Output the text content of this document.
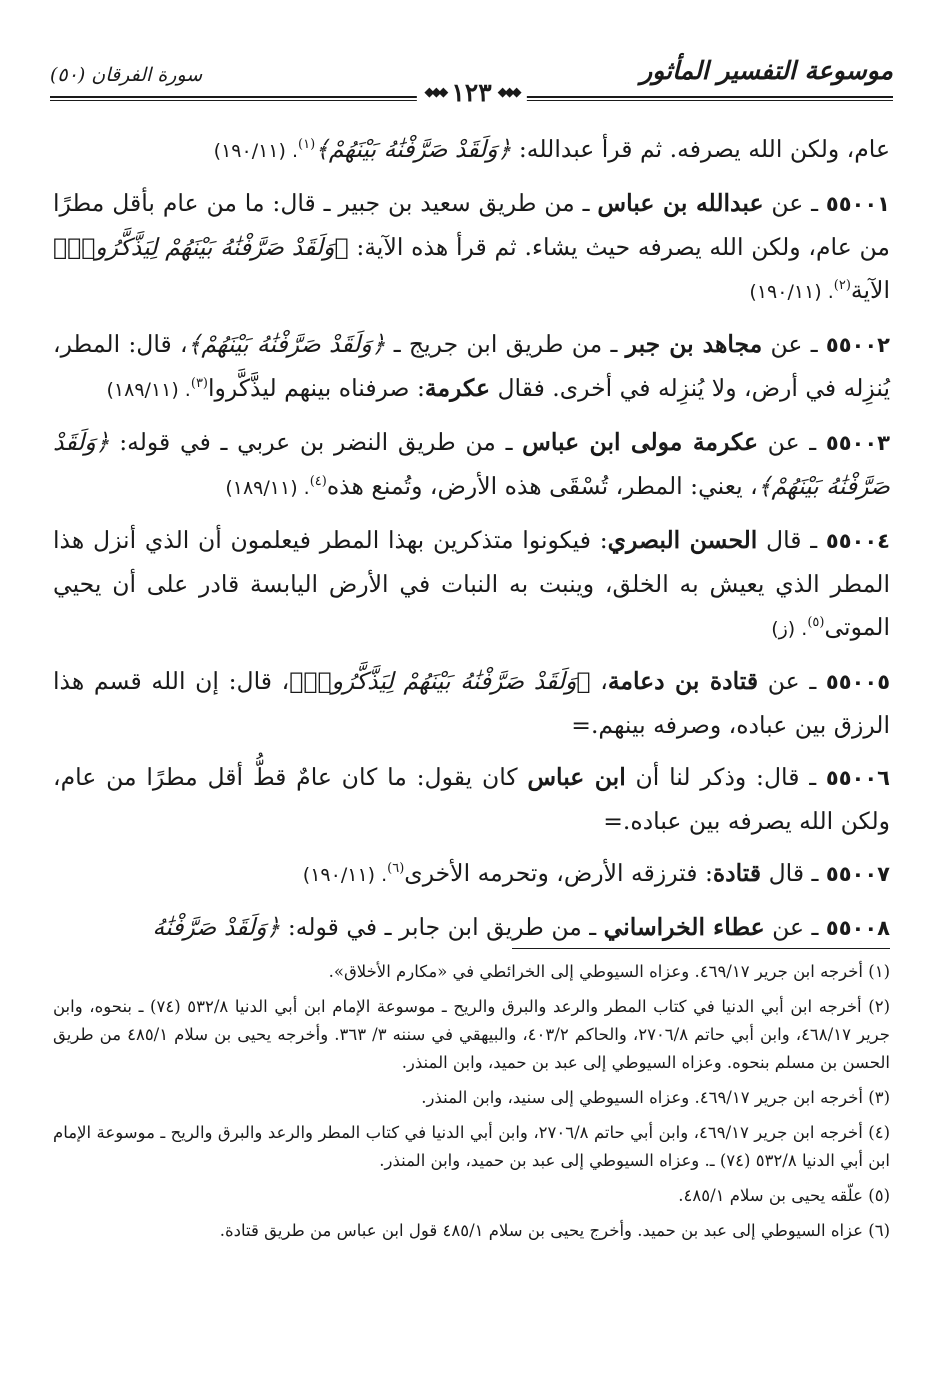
موسوعة التفسير المأثور
سورة الفرقان (٥٠)
◆◆◆
١٢٣
◆◆◆

عام، ولكن الله يصرفه. ثم قرأ عبدالله: ﴿وَلَقَدْ صَرَّفْنَٰهُ بَيْنَهُمْ﴾$^{(١)}$. (١٩٠/١١)

٥٥٠٠١ ـ عن عبدالله بن عباس ـ من طريق سعيد بن جبير ـ قال: ما من عام بأقل مطرًا من عام، ولكن الله يصرفه حيث يشاء. ثم قرأ هذه الآية: ﴿وَلَقَدْ صَرَّفْنَٰهُ بَيْنَهُمْ لِيَذَّكَّرُوا۟﴾ الآية$^{(٢)}$. (١٩٠/١١)

٥٥٠٠٢ ـ عن مجاهد بن جبر ـ من طريق ابن جريج ـ ﴿وَلَقَدْ صَرَّفْنَٰهُ بَيْنَهُمْ﴾، قال: المطر، يُنزِله في أرض، ولا يُنزِله في أخرى. فقال عكرمة: صرفناه بينهم ليذَّكَّروا$^{(٣)}$. (١٨٩/١١)

٥٥٠٠٣ ـ عن عكرمة مولى ابن عباس ـ من طريق النضر بن عربي ـ في قوله: ﴿وَلَقَدْ صَرَّفْنَٰهُ بَيْنَهُمْ﴾، يعني: المطر، تُسْقَى هذه الأرض، وتُمنع هذه$^{(٤)}$. (١٨٩/١١)

٥٥٠٠٤ ـ قال الحسن البصري: فيكونوا متذكرين بهذا المطر فيعلمون أن الذي أنزل هذا المطر الذي يعيش به الخلق، وينبت به النبات في الأرض اليابسة قادر على أن يحيي الموتى$^{(٥)}$. (ز)

٥٥٠٠٥ ـ عن قتادة بن دعامة، ﴿وَلَقَدْ صَرَّفْنَٰهُ بَيْنَهُمْ لِيَذَّكَّرُوا۟﴾، قال: إن الله قسم هذا الرزق بين عباده، وصرفه بينهم.=

٥٥٠٠٦ ـ قال: وذكر لنا أن ابن عباس كان يقول: ما كان عامٌ قطُّ أقل مطرًا من عام، ولكن الله يصرفه بين عباده.=

٥٥٠٠٧ ـ قال قتادة: فترزقه الأرض، وتحرمه الأخرى$^{(٦)}$. (١٩٠/١١)

٥٥٠٠٨ ـ عن عطاء الخراساني ـ من طريق ابن جابر ـ في قوله: ﴿وَلَقَدْ صَرَّفْنَٰهُ

(١) أخرجه ابن جرير ٤٦٩/١٧. وعزاه السيوطي إلى الخرائطي في «مكارم الأخلاق».

(٢) أخرجه ابن أبي الدنيا في كتاب المطر والرعد والبرق والريح ـ موسوعة الإمام ابن أبي الدنيا ٥٣٢/٨ (٧٤) ـ بنحوه، وابن جرير ٤٦٨/١٧، وابن أبي حاتم ٢٧٠٦/٨، والحاكم ٤٠٣/٢، والبيهقي في سننه ٣/ ٣٦٣. وأخرجه يحيى بن سلام ٤٨٥/١ من طريق الحسن بن مسلم بنحوه. وعزاه السيوطي إلى عبد بن حميد، وابن المنذر.

(٣) أخرجه ابن جرير ٤٦٩/١٧. وعزاه السيوطي إلى سنيد، وابن المنذر.

(٤) أخرجه ابن جرير ٤٦٩/١٧، وابن أبي حاتم ٢٧٠٦/٨، وابن أبي الدنيا في كتاب المطر والرعد والبرق والريح ـ موسوعة الإمام ابن أبي الدنيا ٥٣٢/٨ (٧٤) ـ. وعزاه السيوطي إلى عبد بن حميد، وابن المنذر.

(٥) علّقه يحيى بن سلام ٤٨٥/١.

(٦) عزاه السيوطي إلى عبد بن حميد. وأخرج يحيى بن سلام ٤٨٥/١ قول ابن عباس من طريق قتادة.
